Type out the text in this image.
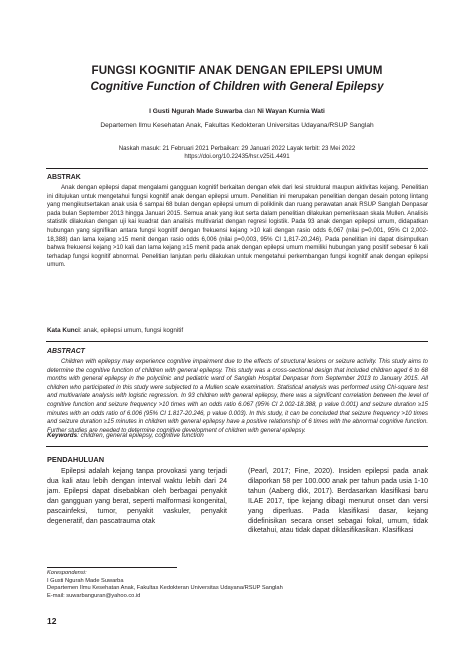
FUNGSI KOGNITIF ANAK DENGAN EPILEPSI UMUM
Cognitive Function of Children with General Epilepsy
I Gusti Ngurah Made Suwarba dan Ni Wayan Kurnia Wati
Departemen Ilmu Kesehatan Anak, Fakultas Kedokteran Universitas Udayana/RSUP Sanglah
Naskah masuk: 21 Februari 2021 Perbaikan: 29 Januari 2022 Layak terbit: 23 Mei 2022
https://doi.org/10.22435/hsr.v25i1.4491
ABSTRAK
Anak dengan epilepsi dapat mengalami gangguan kognitif berkaitan dengan efek dari lesi struktural maupun aktivitas kejang. Penelitian ini ditujukan untuk mengetahui fungsi kognitif anak dengan epilepsi umum. Penelitian ini merupakan penelitian dengan desain potong lintang yang mengikutsertakan anak usia 6 sampai 68 bulan dengan epilepsi umum di poliklinik dan ruang perawatan anak RSUP Sanglah Denpasar pada bulan September 2013 hingga Januari 2015. Semua anak yang ikut serta dalam penelitian dilakukan pemeriksaan skala Mullen. Analisis statistik dilakukan dengan uji kai kuadrat dan analisis multivariat dengan regresi logistik. Pada 93 anak dengan epilepsi umum, didapatkan hubungan yang signifikan antara fungsi kognitif dengan frekuensi kejang >10 kali dengan rasio odds 6,067 (nilai p=0,001, 95% CI 2,002-18,388) dan lama kejang ≥15 menit dengan rasio odds 6,006 (nilai p=0,003, 95% CI 1,817-20,246). Pada penelitian ini dapat disimpulkan bahwa frekuensi kejang >10 kali dan lama kejang ≥15 menit pada anak dengan epilepsi umum memiliki hubungan yang positif sebesar 6 kali terhadap fungsi kognitif abnormal. Penelitian lanjutan perlu dilakukan untuk mengetahui perkembangan fungsi kognitif anak dengan epilepsi umum.
Kata Kunci: anak, epilepsi umum, fungsi kognitif
ABSTRACT
Children with epilepsy may experience cognitive impairment due to the effects of structural lesions or seizure activity. This study aims to determine the cognitive function of children with general epilepsy. This study was a cross-sectional design that included children aged 6 to 68 months with general epilepsy in the polyclinic and pediatric ward of Sanglah Hospital Denpasar from September 2013 to January 2015. All children who participated in this study were subjected to a Mullen scale examination. Statistical analysis was performed using Chi-square test and multivariate analysis with logistic regression. In 93 children with general epilepsy, there was a significant correlation between the level of cognitive function and seizure frequency >10 times with an odds ratio 6.067 (95% CI 2.002-18.388, p value 0.001) and seizure duration ≥15 minutes with an odds ratio of 6.006 (95% CI 1.817-20.246, p value 0.003). In this study, it can be concluded that seizure frequency >10 times and seizure duration ≥15 minutes in children with general epilepsy have a positive relationship of 6 times with the abnormal cognitive function. Further studies are needed to determine cognitive development of children with general epilepsy.
Keywords: children, general epilepsy, cognitive function
PENDAHULUAN
Epilepsi adalah kejang tanpa provokasi yang terjadi dua kali atau lebih dengan interval waktu lebih dari 24 jam. Epilepsi dapat disebabkan oleh berbagai penyakit dan gangguan yang berat, seperti malformasi kongenital, pascainfeksi, tumor, penyakit vaskuler, penyakit degeneratif, dan pascatrauma otak
(Pearl, 2017; Fine, 2020). Insiden epilepsi pada anak dilaporkan 58 per 100.000 anak per tahun pada usia 1-10 tahun (Aaberg dkk, 2017). Berdasarkan klasifikasi baru ILAE 2017, tipe kejang dibagi menurut onset dan versi yang diperluas. Pada klasifikasi dasar, kejang didefinisikan secara onset sebagai fokal, umum, tidak diketahui, atau tidak dapat diklasifikasikan. Klasifikasi
Korespondensi:
I Gusti Ngurah Made Suwarba
Departemen Ilmu Kesehatan Anak, Fakultas Kedokteran Universitas Udayana/RSUP Sanglah
E-mail: suwarbanguran@yahoo.co.id
12
